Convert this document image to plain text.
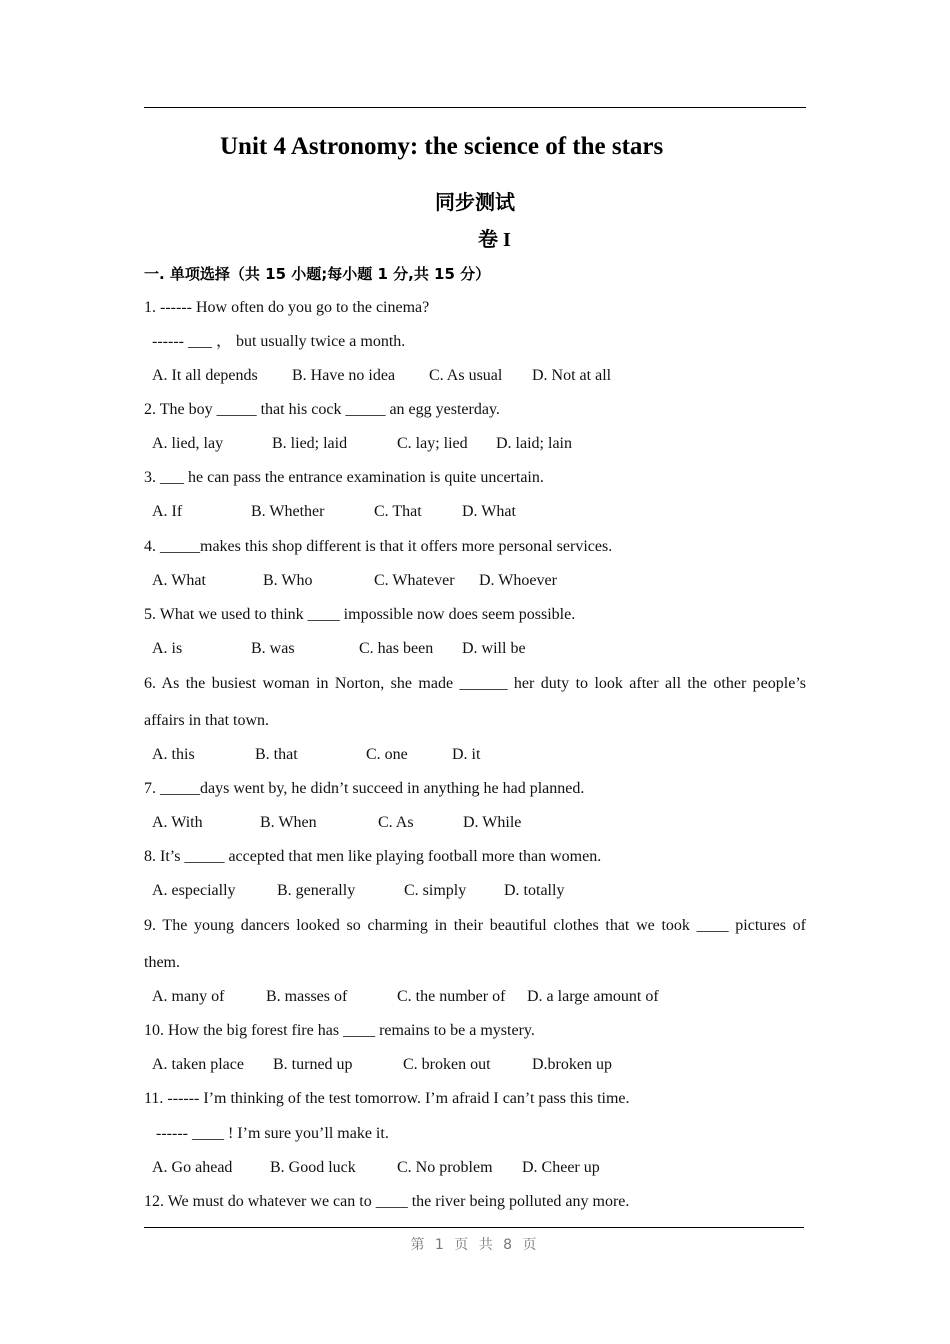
Unit 4 Astronomy: the science of the stars
同步测试
卷 I
一. 单项选择（共 15 小题;每小题 1 分,共 15 分）
1. ------ How often do you go to the cinema?
------ ___ ， but usually twice a month.
A. It all depends B. Have no idea C. As usual D. Not at all
2. The boy _____ that his cock _____ an egg yesterday.
A. lied, lay	B. lied; laid	C. lay; lied D. laid; lain
3. ___ he can pass the entrance examination is quite uncertain.
A. If	B. Whether	C. That	D. What
4. _____makes this shop different is that it offers more personal services.
A. What	B. Who	C. Whatever D. Whoever
5. What we used to think ____ impossible now does seem possible.
A. is	B. was	C. has been D. will be
6. As the busiest woman in Norton, she made ______ her duty to look after all the other people’s
affairs in that town.
A. this	B. that	C. one	D. it
7. _____days went by, he didn’t succeed in anything he had planned.
A. With	B. When	C. As	D. While
8. It’s _____ accepted that men like playing football more than women.
A. especially	B. generally	C. simply D. totally
9. The young dancers looked so charming in their beautiful clothes that we took ____ pictures of
them.
A. many of	B. masses of	C. the number of D. a large amount of
10. How the big forest fire has ____ remains to be a mystery.
A. taken place B. turned up	C. broken out	D.broken up
11. ------ I’m thinking of the test tomorrow. I’m afraid I can’t pass this time.
------ ____ ! I’m sure you’ll make it.
A. Go ahead B. Good luck	C. No problem D. Cheer up
12. We must do whatever we can to ____ the river being polluted any more.
第 1 页 共 8 页
